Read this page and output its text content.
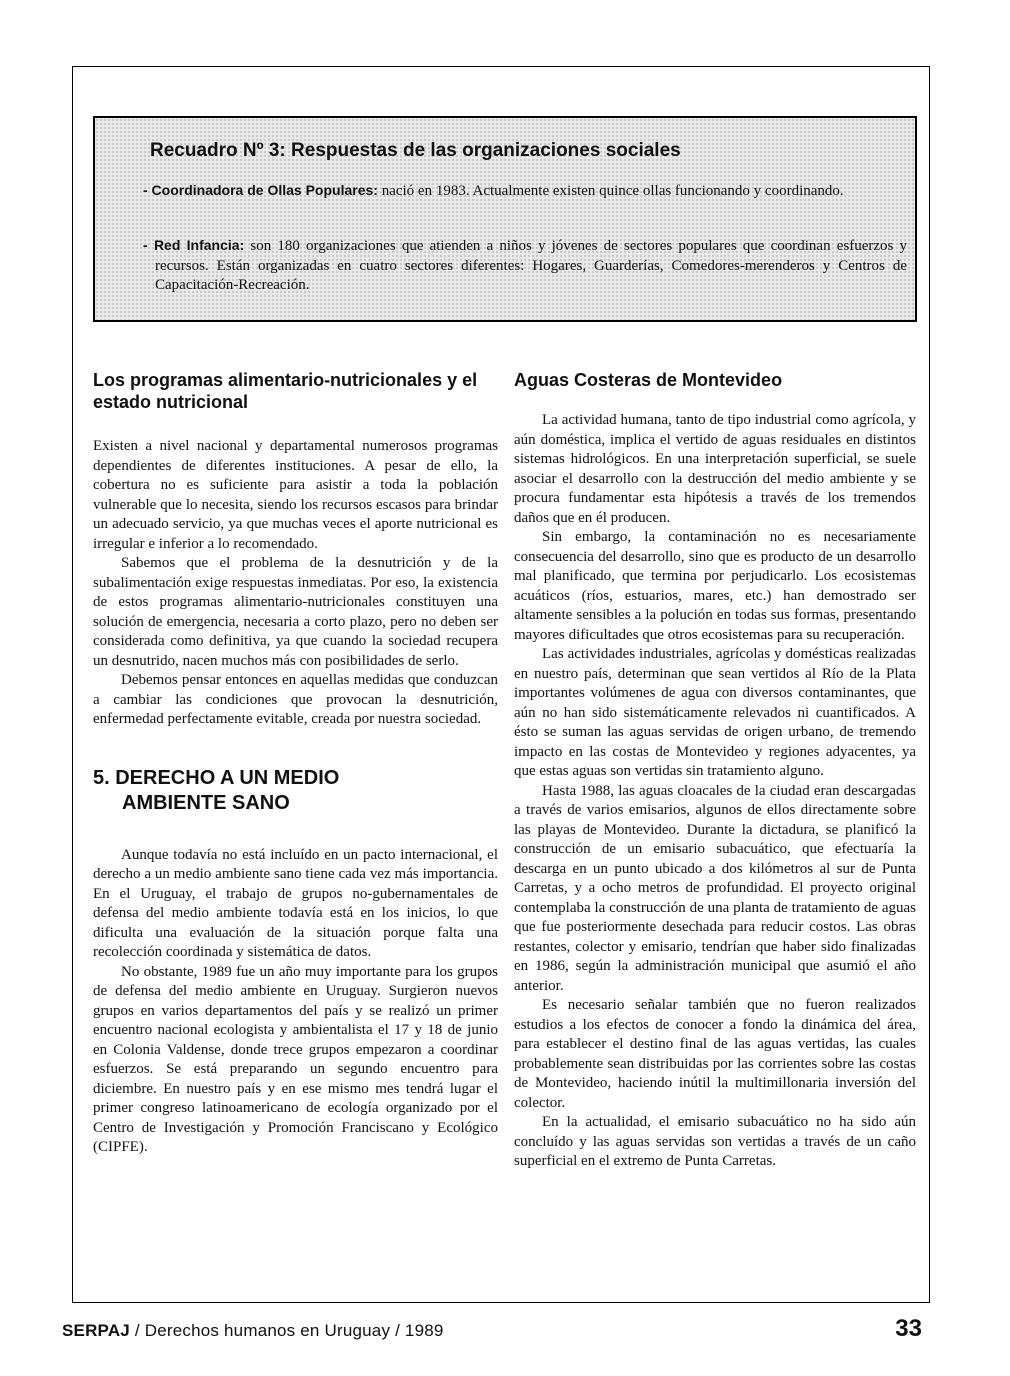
Recuadro Nº 3: Respuestas de las organizaciones sociales

- Coordinadora de Ollas Populares: nació en 1983. Actualmente existen quince ollas funcionando y coordinando.

- Red Infancia: son 180 organizaciones que atienden a niños y jóvenes de sectores populares que coordinan esfuerzos y recursos. Están organizadas en cuatro sectores diferentes: Hogares, Guarderías, Comedores-merenderos y Centros de Capacitación-Recreación.

Los programas alimentario-nutricionales y el estado nutricional

Existen a nivel nacional y departamental numerosos programas dependientes de diferentes instituciones. A pesar de ello, la cobertura no es suficiente para asistir a toda la población vulnerable que lo necesita, siendo los recursos escasos para brindar un adecuado servicio, ya que muchas veces el aporte nutricional es irregular e inferior a lo recomendado.

Sabemos que el problema de la desnutrición y de la subalimentación exige respuestas inmediatas. Por eso, la existencia de estos programas alimentario-nutricionales constituyen una solución de emergencia, necesaria a corto plazo, pero no deben ser considerada como definitiva, ya que cuando la sociedad recupera un desnutrido, nacen muchos más con posibilidades de serlo.

Debemos pensar entonces en aquellas medidas que conduzcan a cambiar las condiciones que provocan la desnutrición, enfermedad perfectamente evitable, creada por nuestra sociedad.

5. DERECHO A UN MEDIO
AMBIENTE SANO

Aunque todavía no está incluído en un pacto internacional, el derecho a un medio ambiente sano tiene cada vez más importancia. En el Uruguay, el trabajo de grupos no-gubernamentales de defensa del medio ambiente todavía está en los inicios, lo que dificulta una evaluación de la situación porque falta una recolección coordinada y sistemática de datos.

No obstante, 1989 fue un año muy importante para los grupos de defensa del medio ambiente en Uruguay. Surgieron nuevos grupos en varios departamentos del país y se realizó un primer encuentro nacional ecologista y ambientalista el 17 y 18 de junio en Colonia Valdense, donde trece grupos empezaron a coordinar esfuerzos. Se está preparando un segundo encuentro para diciembre. En nuestro país y en ese mismo mes tendrá lugar el primer congreso latinoamericano de ecología organizado por el Centro de Investigación y Promoción Franciscano y Ecológico (CIPFE).

Aguas Costeras de Montevideo

La actividad humana, tanto de tipo industrial como agrícola, y aún doméstica, implica el vertido de aguas residuales en distintos sistemas hidrológicos. En una interpretación superficial, se suele asociar el desarrollo con la destrucción del medio ambiente y se procura fundamentar esta hipótesis a través de los tremendos daños que en él producen.

Sin embargo, la contaminación no es necesariamente consecuencia del desarrollo, sino que es producto de un desarrollo mal planificado, que termina por perjudicarlo. Los ecosistemas acuáticos (ríos, estuarios, mares, etc.) han demostrado ser altamente sensibles a la polución en todas sus formas, presentando mayores dificultades que otros ecosistemas para su recuperación.

Las actividades industriales, agrícolas y domésticas realizadas en nuestro país, determinan que sean vertidos al Río de la Plata importantes volúmenes de agua con diversos contaminantes, que aún no han sido sistemáticamente relevados ni cuantificados. A ésto se suman las aguas servidas de origen urbano, de tremendo impacto en las costas de Montevideo y regiones adyacentes, ya que estas aguas son vertidas sin tratamiento alguno.

Hasta 1988, las aguas cloacales de la ciudad eran descargadas a través de varios emisarios, algunos de ellos directamente sobre las playas de Montevideo. Durante la dictadura, se planificó la construcción de un emisario subacuático, que efectuaría la descarga en un punto ubicado a dos kilómetros al sur de Punta Carretas, y a ocho metros de profundidad. El proyecto original contemplaba la construcción de una planta de tratamiento de aguas que fue posteriormente desechada para reducir costos. Las obras restantes, colector y emisario, tendrían que haber sido finalizadas en 1986, según la administración municipal que asumió el año anterior.

Es necesario señalar también que no fueron realizados estudios a los efectos de conocer a fondo la dinámica del área, para establecer el destino final de las aguas vertidas, las cuales probablemente sean distribuidas por las corrientes sobre las costas de Montevideo, haciendo inútil la multimillonaria inversión del colector.

En la actualidad, el emisario subacuático no ha sido aún concluído y las aguas servidas son vertidas a través de un caño superficial en el extremo de Punta Carretas.

SERPAJ / Derechos humanos en Uruguay / 1989	33
